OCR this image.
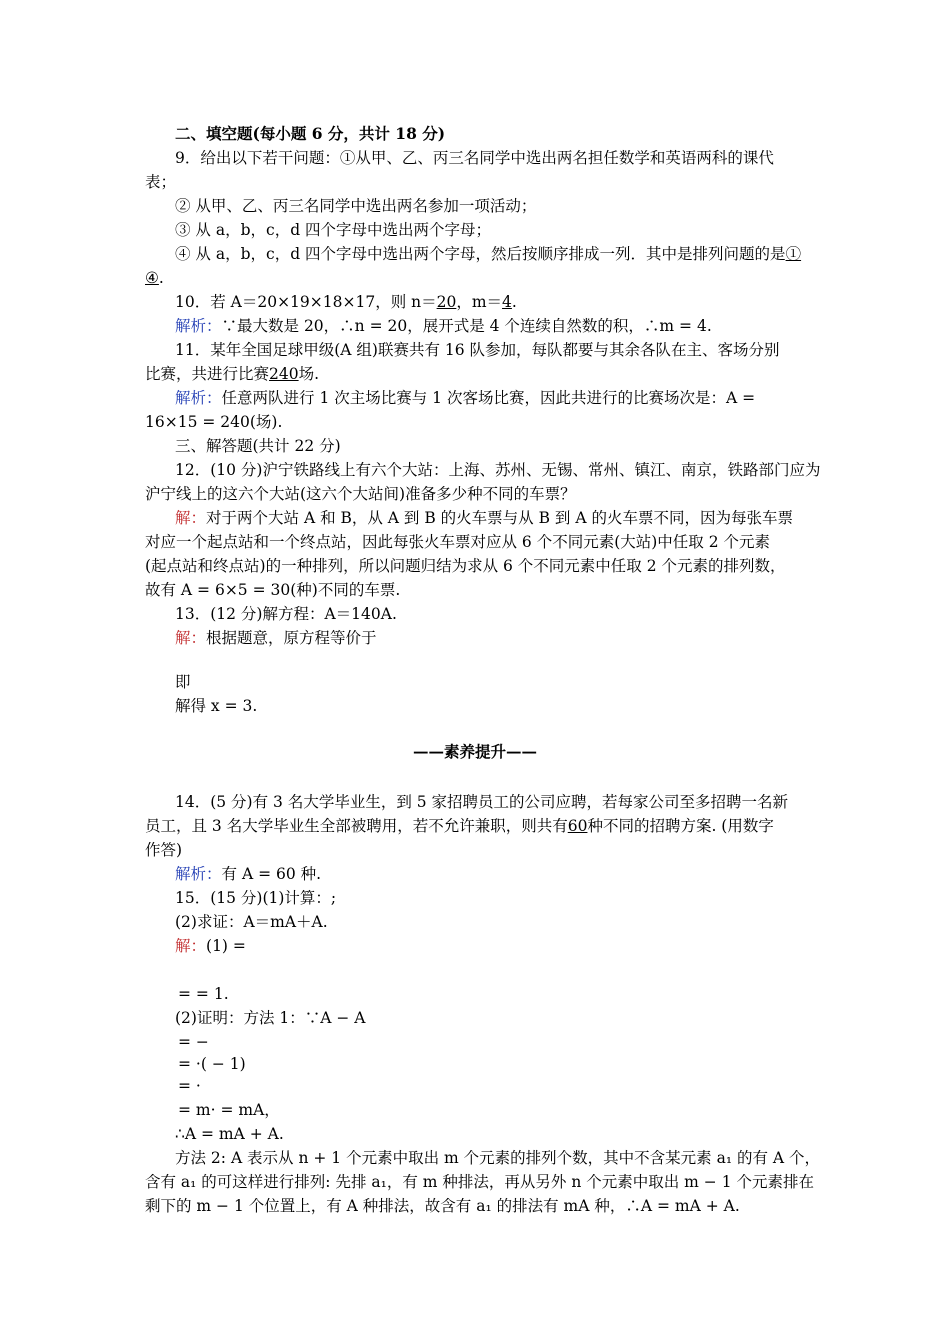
二、填空题(每小题 6 分，共计 18 分)
9．给出以下若干问题：①从甲、乙、丙三名同学中选出两名担任数学和英语两科的课代
表；
② 从甲、乙、丙三名同学中选出两名参加一项活动；
③ 从 a，b，c，d 四个字母中选出两个字母；
④ 从 a，b，c，d 四个字母中选出两个字母，然后按顺序排成一列．其中是排列问题的是①
④.
10．若 A＝20×19×18×17，则 n＝20，m＝4.
解析：∵最大数是 20，∴n = 20，展开式是 4 个连续自然数的积，∴m = 4.
11．某年全国足球甲级(A 组)联赛共有 16 队参加，每队都要与其余各队在主、客场分别
比赛，共进行比赛240场.
解析：任意两队进行 1 次主场比赛与 1 次客场比赛，因此共进行的比赛场次是：A =
16×15 = 240(场).
三、解答题(共计 22 分)
12．(10 分)沪宁铁路线上有六个大站：上海、苏州、无锡、常州、镇江、南京，铁路部门应为
沪宁线上的这六个大站(这六个大站间)准备多少种不同的车票？
解：对于两个大站 A 和 B，从 A 到 B 的火车票与从 B 到 A 的火车票不同，因为每张车票
对应一个起点站和一个终点站，因此每张火车票对应从 6 个不同元素(大站)中任取 2 个元素
(起点站和终点站)的一种排列，所以问题归结为求从 6 个不同元素中任取 2 个元素的排列数，
故有 A = 6×5 = 30(种)不同的车票.
13．(12 分)解方程：A＝140A.
解：根据题意，原方程等价于
即
解得 x = 3.
——素养提升——
14．(5 分)有 3 名大学毕业生，到 5 家招聘员工的公司应聘，若每家公司至多招聘一名新
员工，且 3 名大学毕业生全部被聘用，若不允许兼职，则共有60种不同的招聘方案. (用数字
作答)
解析：有 A = 60 种.
15．(15 分)(1)计算：;
(2)求证：A＝mA＋A.
解：(1) =
= = 1.
(2)证明：方法 1：∵A − A
= −
= ·( − 1)
= ·
= m· = mA，
∴A = mA + A.
方法 2: A 表示从 n + 1 个元素中取出 m 个元素的排列个数，其中不含某元素 a₁ 的有 A 个，
含有 a₁ 的可这样进行排列: 先排 a₁，有 m 种排法，再从另外 n 个元素中取出 m − 1 个元素排在
剩下的 m − 1 个位置上，有 A 种排法，故含有 a₁ 的排法有 mA 种，∴A = mA + A.
